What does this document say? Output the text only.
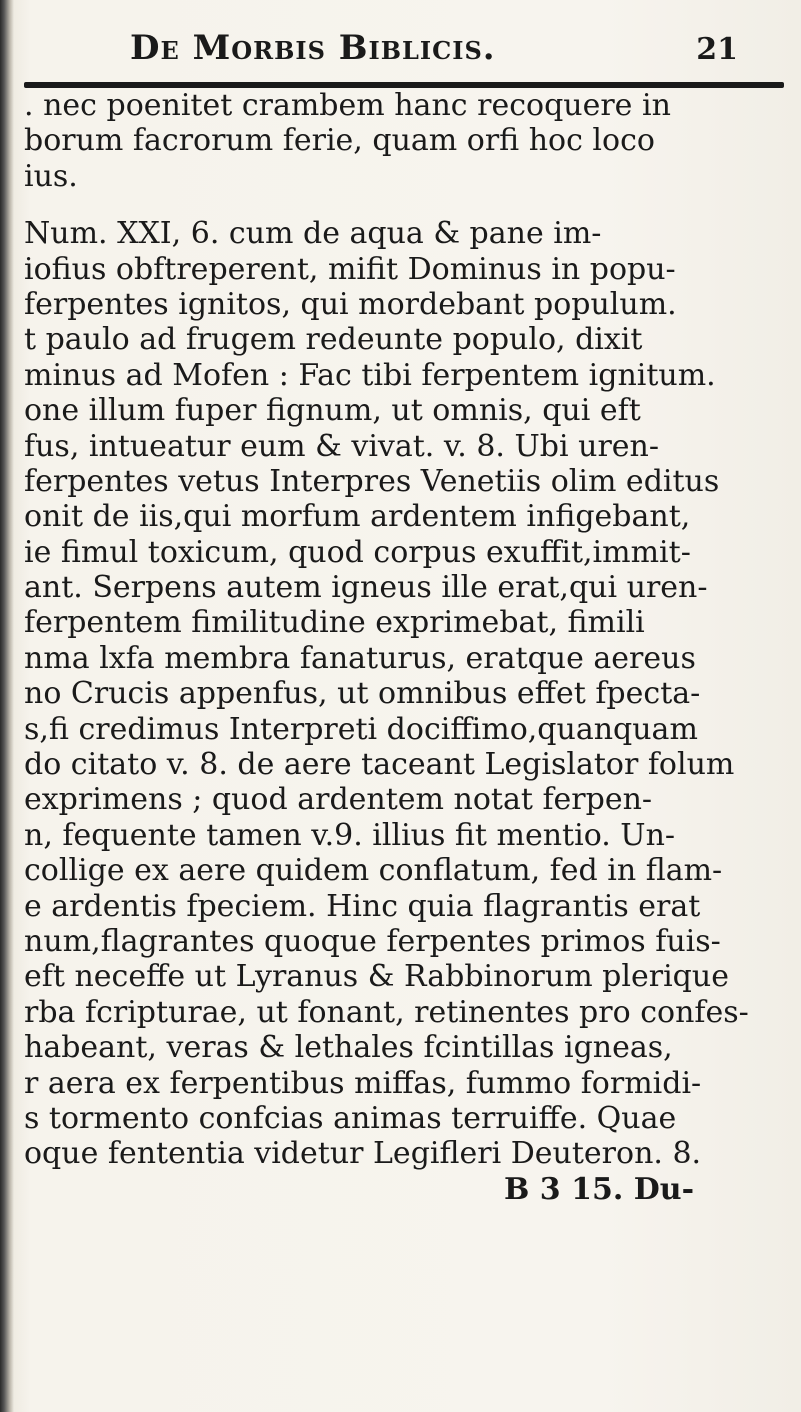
De Morbis Biblicis.	21
. nec poenitet crambem hanc recoquere in
borum facrorum ferie, quam orfi hoc loco
ius.
Num. XXI, 6. cum de aqua & pane im-
iofius obftreperent, mifit Dominus in popu-
ferpentes ignitos, qui mordebant populum.
t paulo ad frugem redeunte populo, dixit
minus ad Mofen : Fac tibi ferpentem ignitum.
one illum fuper fignum, ut omnis, qui eft
fus, intueatur eum & vivat. v. 8. Ubi uren-
ferpentes vetus Interpres Venetiis olim editus
onit de iis,qui morfum ardentem infigebant,
ie fimul toxicum, quod corpus exuffit,immit-
ant. Serpens autem igneus ille erat,qui uren-
ferpentem fimilitudine exprimebat, fimili
nma lxfa membra fanaturus, eratque aereus
no Crucis appenfus, ut omnibus effet fpecta-
s,fi credimus Interpreti dociffimo,quanquam
do citato v. 8. de aere taceant Legislator folum
exprimens ; quod ardentem notat ferpen-
n, fequente tamen v.9. illius fit mentio. Un-
collige ex aere quidem conflatum, fed in flam-
e ardentis fpeciem. Hinc quia flagrantis erat
num,flagrantes quoque ferpentes primos fuis-
eft neceffe ut Lyranus & Rabbinorum plerique
rba fcripturae, ut fonant, retinentes pro confes-
habeant, veras & lethales fcintillas igneas,
r aera ex ferpentibus miffas, fummo formidi-
s tormento confcias animas terruiffe. Quae
oque fententia videtur Legifleri Deuteron. 8.
B 3 15. Du-
